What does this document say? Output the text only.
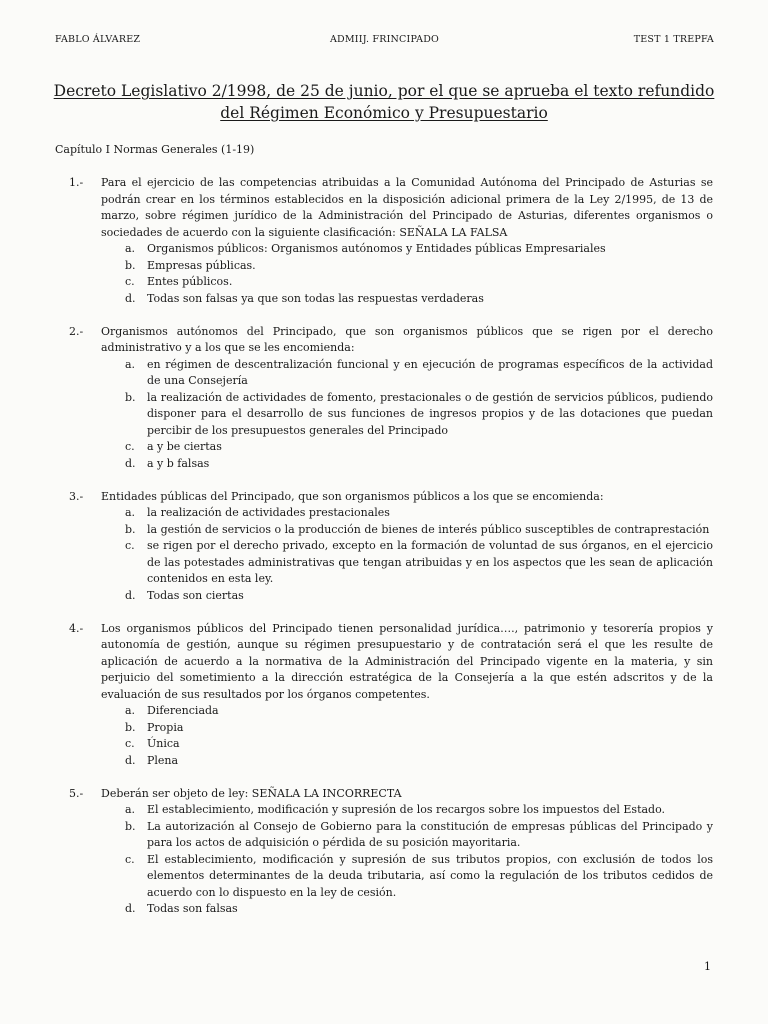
FABLO ÁLVAREZ	ADMIIJ. FRINCIPADO	TEST 1 TREPFA
Decreto Legislativo 2/1998, de 25 de junio, por el que se aprueba el texto refundido del Régimen Económico y Presupuestario
Capítulo I Normas Generales (1-19)
1.-	Para el ejercicio de las competencias atribuidas a la Comunidad Autónoma del Principado de Asturias se podrán crear en los términos establecidos en la disposición adicional primera de la Ley 2/1995, de 13 de marzo, sobre régimen jurídico de la Administración del Principado de Asturias, diferentes organismos o sociedades de acuerdo con la siguiente clasificación: SEÑALA LA FALSA
a.	Organismos públicos: Organismos autónomos y Entidades públicas Empresariales
b.	Empresas públicas.
c.	Entes públicos.
d.	Todas son falsas ya que son todas las respuestas verdaderas
2.-	Organismos autónomos del Principado, que son organismos públicos que se rigen por el derecho administrativo y a los que se les encomienda:
a.	en régimen de descentralización funcional y en ejecución de programas específicos de la actividad de una Consejería
b.	la realización de actividades de fomento, prestacionales o de gestión de servicios públicos, pudiendo disponer para el desarrollo de sus funciones de ingresos propios y de las dotaciones que puedan percibir de los presupuestos generales del Principado
c.	a y be ciertas
d.	a y b falsas
3.-	Entidades públicas del Principado, que son organismos públicos a los que se encomienda:
a.	la realización de actividades prestacionales
b.	la gestión de servicios o la producción de bienes de interés público susceptibles de contraprestación
c.	se rigen por el derecho privado, excepto en la formación de voluntad de sus órganos, en el ejercicio de las potestades administrativas que tengan atribuidas y en los aspectos que les sean de aplicación contenidos en esta ley.
d.	Todas son ciertas
4.-	Los organismos públicos del Principado tienen personalidad jurídica…., patrimonio y tesorería propios y autonomía de gestión, aunque su régimen presupuestario y de contratación será el que les resulte de aplicación de acuerdo a la normativa de la Administración del Principado vigente en la materia, y sin perjuicio del sometimiento a la dirección estratégica de la Consejería a la que estén adscritos y de la evaluación de sus resultados por los órganos competentes.
a.	Diferenciada
b.	Propia
c.	Única
d.	Plena
5.-	Deberán ser objeto de ley: SEÑALA LA INCORRECTA
a.	El establecimiento, modificación y supresión de los recargos sobre los impuestos del Estado.
b.	La autorización al Consejo de Gobierno para la constitución de empresas públicas del Principado y para los actos de adquisición o pérdida de su posición mayoritaria.
c.	El establecimiento, modificación y supresión de sus tributos propios, con exclusión de todos los elementos determinantes de la deuda tributaria, así como la regulación de los tributos cedidos de acuerdo con lo dispuesto en la ley de cesión.
d.	Todas son falsas
1
